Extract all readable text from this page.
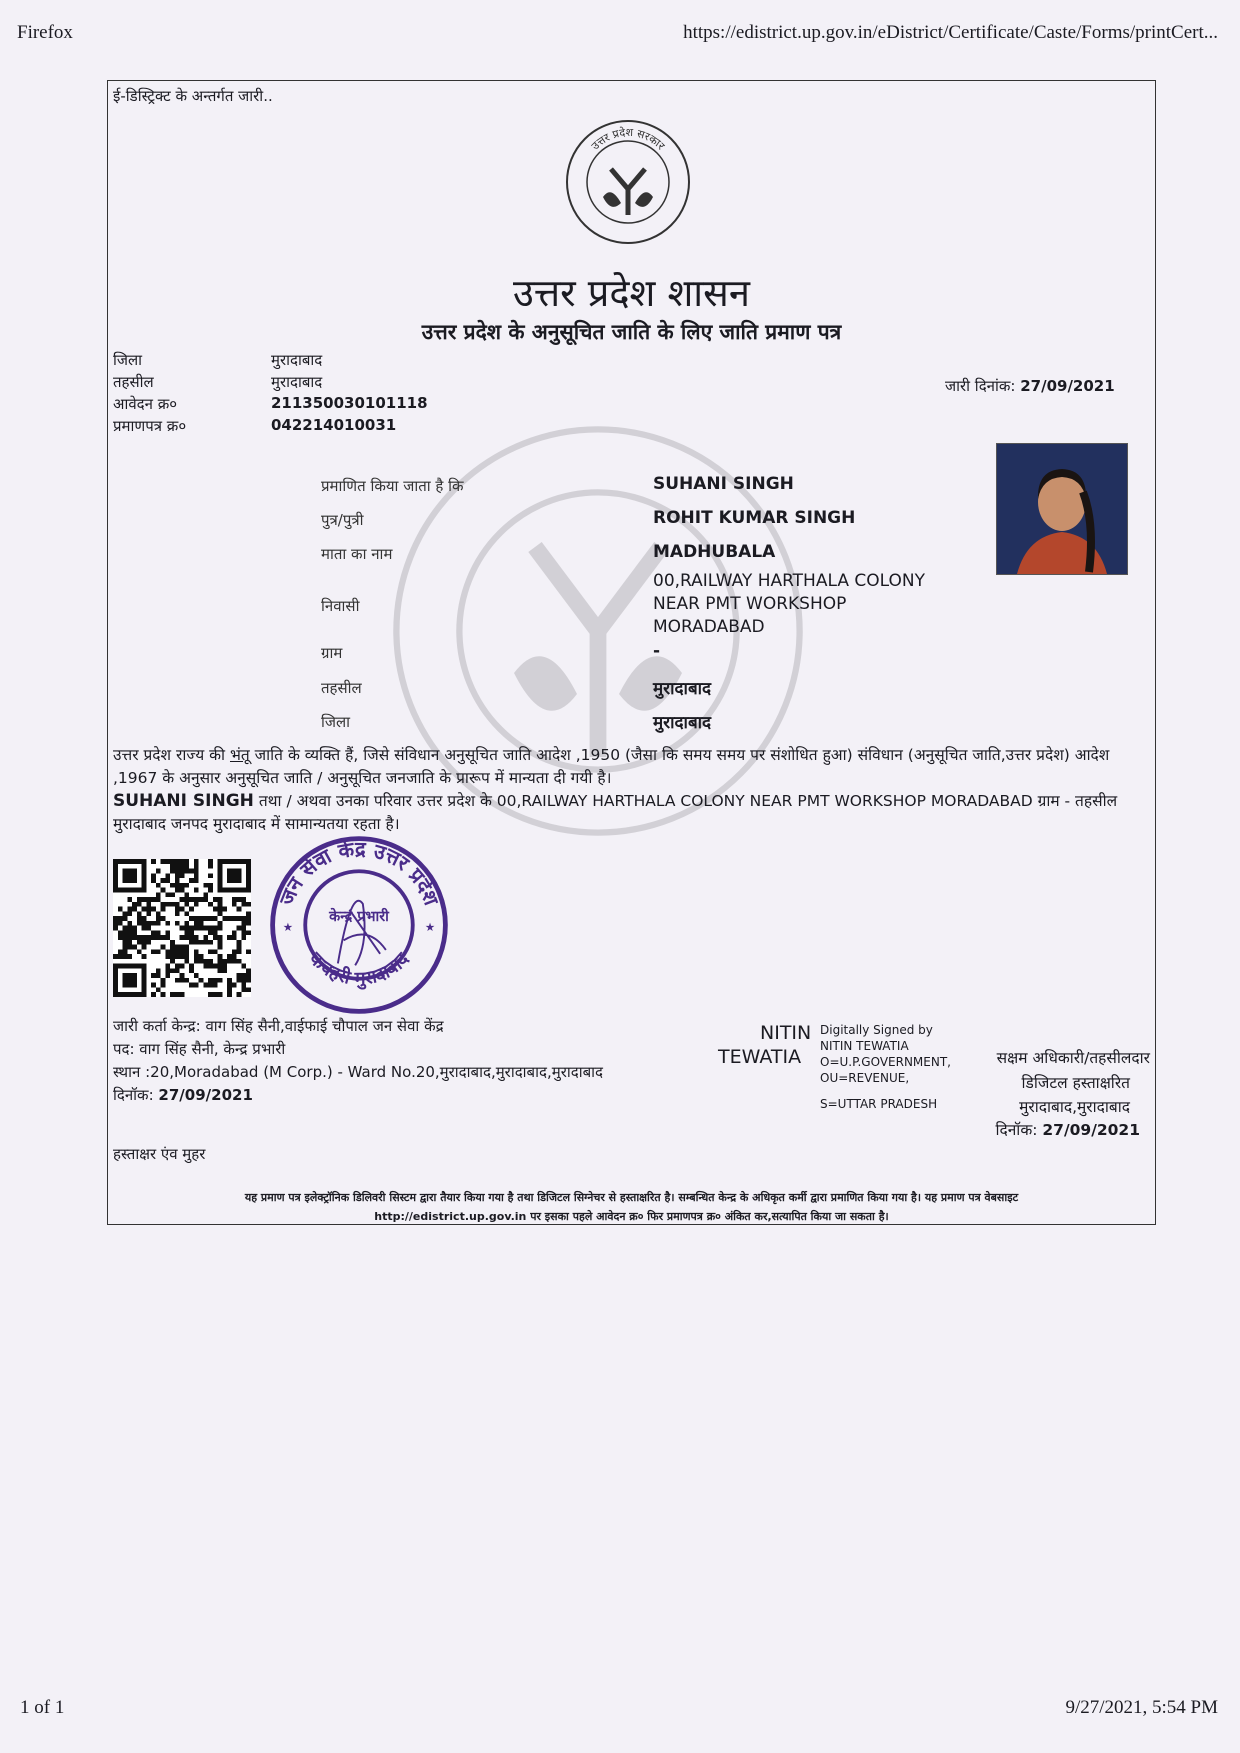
Firefox	https://edistrict.up.gov.in/eDistrict/Certificate/Caste/Forms/printCert...
ई-डिस्ट्रिक्ट के अन्तर्गत जारी..
उत्तर प्रदेश सरकार
उत्तर प्रदेश शासन
उत्तर प्रदेश के अनुसूचित जाति के लिए जाति प्रमाण पत्र
जिला	मुरादाबाद
तहसील	मुरादाबाद
आवेदन क्र०	211350030101118
प्रमाणपत्र क्र०	042214010031
जारी दिनांक: 27/09/2021
प्रमाणित किया जाता है कि	SUHANI SINGH
पुत्र/पुत्री	ROHIT KUMAR SINGH
माता का नाम	MADHUBALA
निवासी
00,RAILWAY HARTHALA COLONY
NEAR PMT WORKSHOP
MORADABAD
ग्राम	-
तहसील	मुरादाबाद
जिला	मुरादाबाद
उत्तर प्रदेश राज्य की भंतू जाति के व्यक्ति हैं, जिसे संविधान अनुसूचित जाति आदेश ,1950 (जैसा कि समय समय पर संशोधित हुआ) संविधान (अनुसूचित जाति,उत्तर प्रदेश) आदेश ,1967 के अनुसार अनुसूचित जाति / अनुसूचित जनजाति के प्रारूप में मान्यता दी गयी है।
SUHANI SINGH तथा / अथवा उनका परिवार उत्तर प्रदेश के 00,RAILWAY HARTHALA COLONY NEAR PMT WORKSHOP MORADABAD ग्राम - तहसील मुरादाबाद जनपद मुरादाबाद में सामान्यतया रहता है।
जन सेवा केंद्र उत्तर प्रदेश
कचहरी मुरादाबाद
केन्द्र प्रभारी
★	★
जारी कर्ता केन्द्र: वाग सिंह सैनी,वाईफाई चौपाल जन सेवा केंद्र
पद: वाग सिंह सैनी, केन्द्र प्रभारी
स्थान :20,Moradabad (M Corp.) - Ward No.20,मुरादाबाद,मुरादाबाद,मुरादाबाद
दिनॉक: 27/09/2021
हस्ताक्षर एंव मुहर
NITIN
TEWATIA
Digitally Signed by
NITIN TEWATIA
O=U.P.GOVERNMENT,
OU=REVENUE,
S=UTTAR PRADESH
सक्षम अधिकारी/तहसीलदार
डिजिटल हस्ताक्षरित
मुरादाबाद,मुरादाबाद
दिनॉक: 27/09/2021
यह प्रमाण पत्र इलेक्ट्रॉनिक डिलिवरी सिस्टम द्वारा तैयार किया गया है तथा डिजिटल सिग्नेचर से हस्ताक्षरित है। सम्बन्धित केन्द्र के अधिकृत कर्मी द्वारा प्रमाणित किया गया है। यह प्रमाण पत्र वेबसाइट
http://edistrict.up.gov.in पर इसका पहले आवेदन क्र० फिर प्रमाणपत्र क्र० अंकित कर,सत्यापित किया जा सकता है।
1 of 1	9/27/2021, 5:54 PM
